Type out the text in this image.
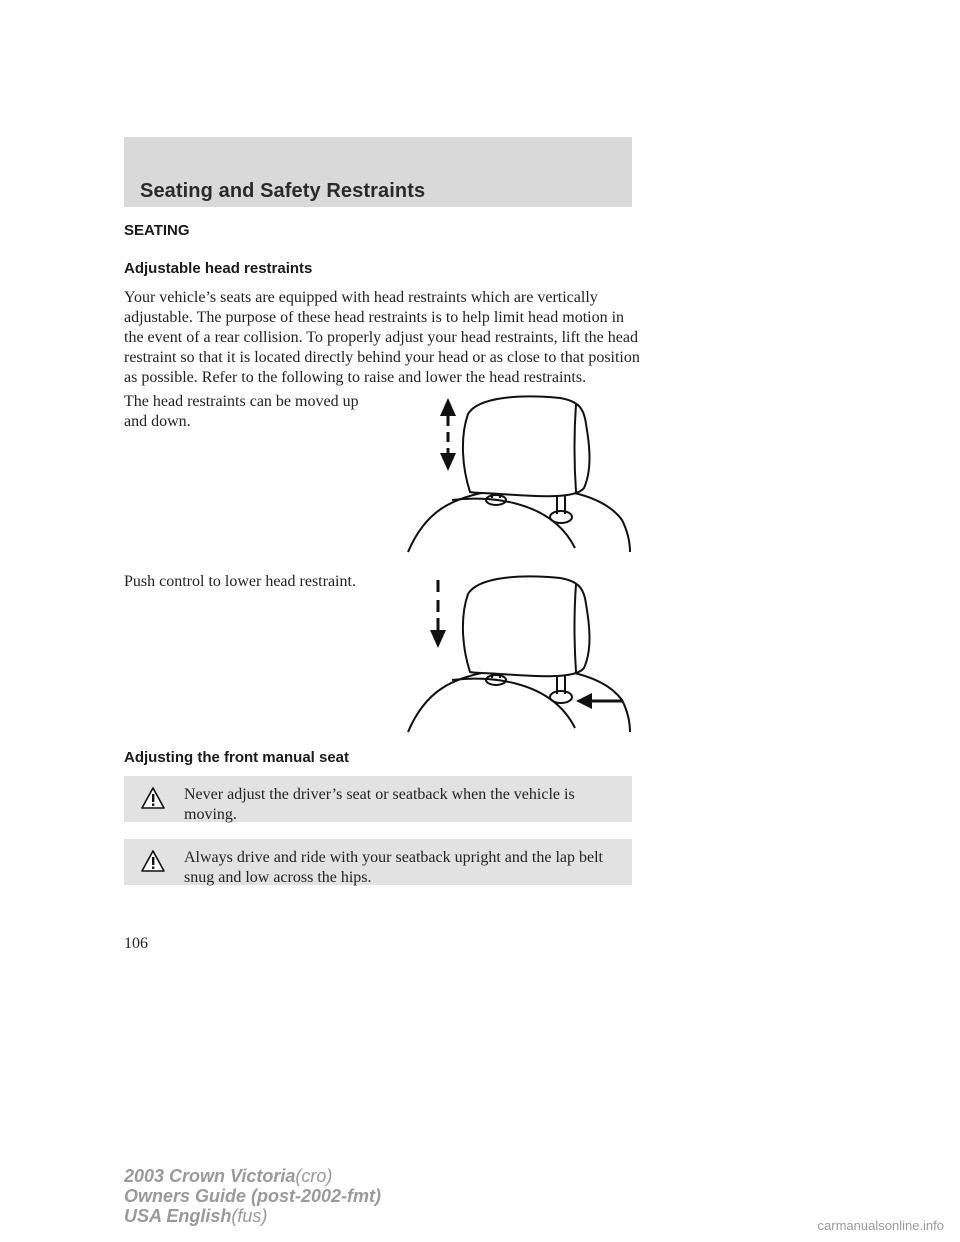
Seating and Safety Restraints
SEATING
Adjustable head restraints
Your vehicle’s seats are equipped with head restraints which are vertically adjustable. The purpose of these head restraints is to help limit head motion in the event of a rear collision. To properly adjust your head restraints, lift the head restraint so that it is located directly behind your head or as close to that position as possible. Refer to the following to raise and lower the head restraints.
The head restraints can be moved up and down.
Push control to lower head restraint.
Adjusting the front manual seat
Never adjust the driver’s seat or seatback when the vehicle is moving.
Always drive and ride with your seatback upright and the lap belt snug and low across the hips.
106
2003 Crown Victoria(cro)
Owners Guide (post-2002-fmt)
USA English(fus)	carmanualsonline.info
